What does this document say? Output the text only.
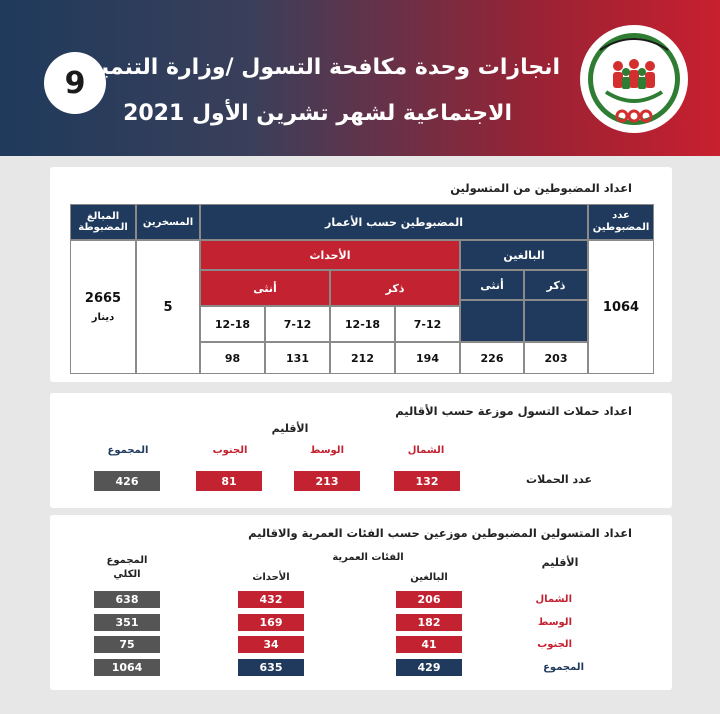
9 انجازات وحدة مكافحة التسول /وزارة التنمية
الاجتماعية لشهر تشرين الأول 2021
اعداد المضبوطين من المتسولين
عدد المضبوطين
المضبوطين حسب الأعمار
المسخرين
المبالغ المضبوطة
1064
5
2665
دينار
البالغين
الأحداث
ذكر
أنثى
ذكر
أنثى
7-12
12-18
7-12
12-18
203
226
194
212
131
98
اعداد حملات التسول موزعة حسب الأقاليم
الأقليم
الشمال
الوسط
الجنوب
المجموع
عدد الحملات
132
213
81
426
اعداد المتسولين المضبوطين موزعين حسب الفئات العمرية والاقاليم
الأقليم
الفئات العمرية
البالغين
الأحداث
المجموع الكلي
الشمال
206
432
638
الوسط
182
169
351
الجنوب
41
34
75
المجموع
429
635
1064
